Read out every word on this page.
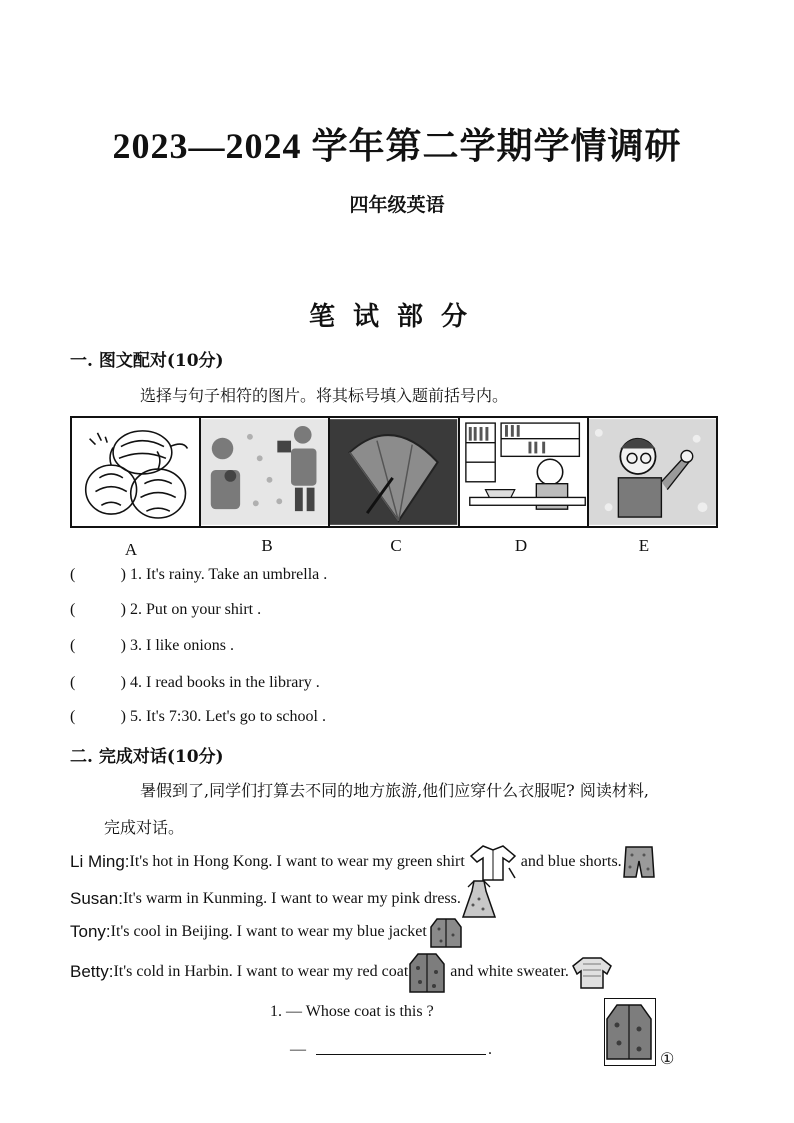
2023—2024 学年第二学期学情调研
四年级英语
笔试部分
一. 图文配对(10分)
选择与句子相符的图片。将其标号填入题前括号内。
A	B	C	D	E
(	) 1. It's rainy. Take an umbrella .
(	) 2. Put on your shirt .
(	) 3. I like onions .
(	) 4. I read books in the library .
(	) 5. It's 7:30. Let's go to school .
二. 完成对话(10分)
暑假到了,同学们打算去不同的地方旅游,他们应穿什么衣服呢? 阅读材料,
完成对话。
Li Ming: It's hot in Hong Kong. I want to wear my green shirt	and blue shorts.
Susan: It's warm in Kunming. I want to wear my pink dress.
Tony: It's cool in Beijing. I want to wear my blue jacket
Betty: It's cold in Harbin. I want to wear my red coat	and white sweater.
1. — Whose coat is this ?
—	.	①
